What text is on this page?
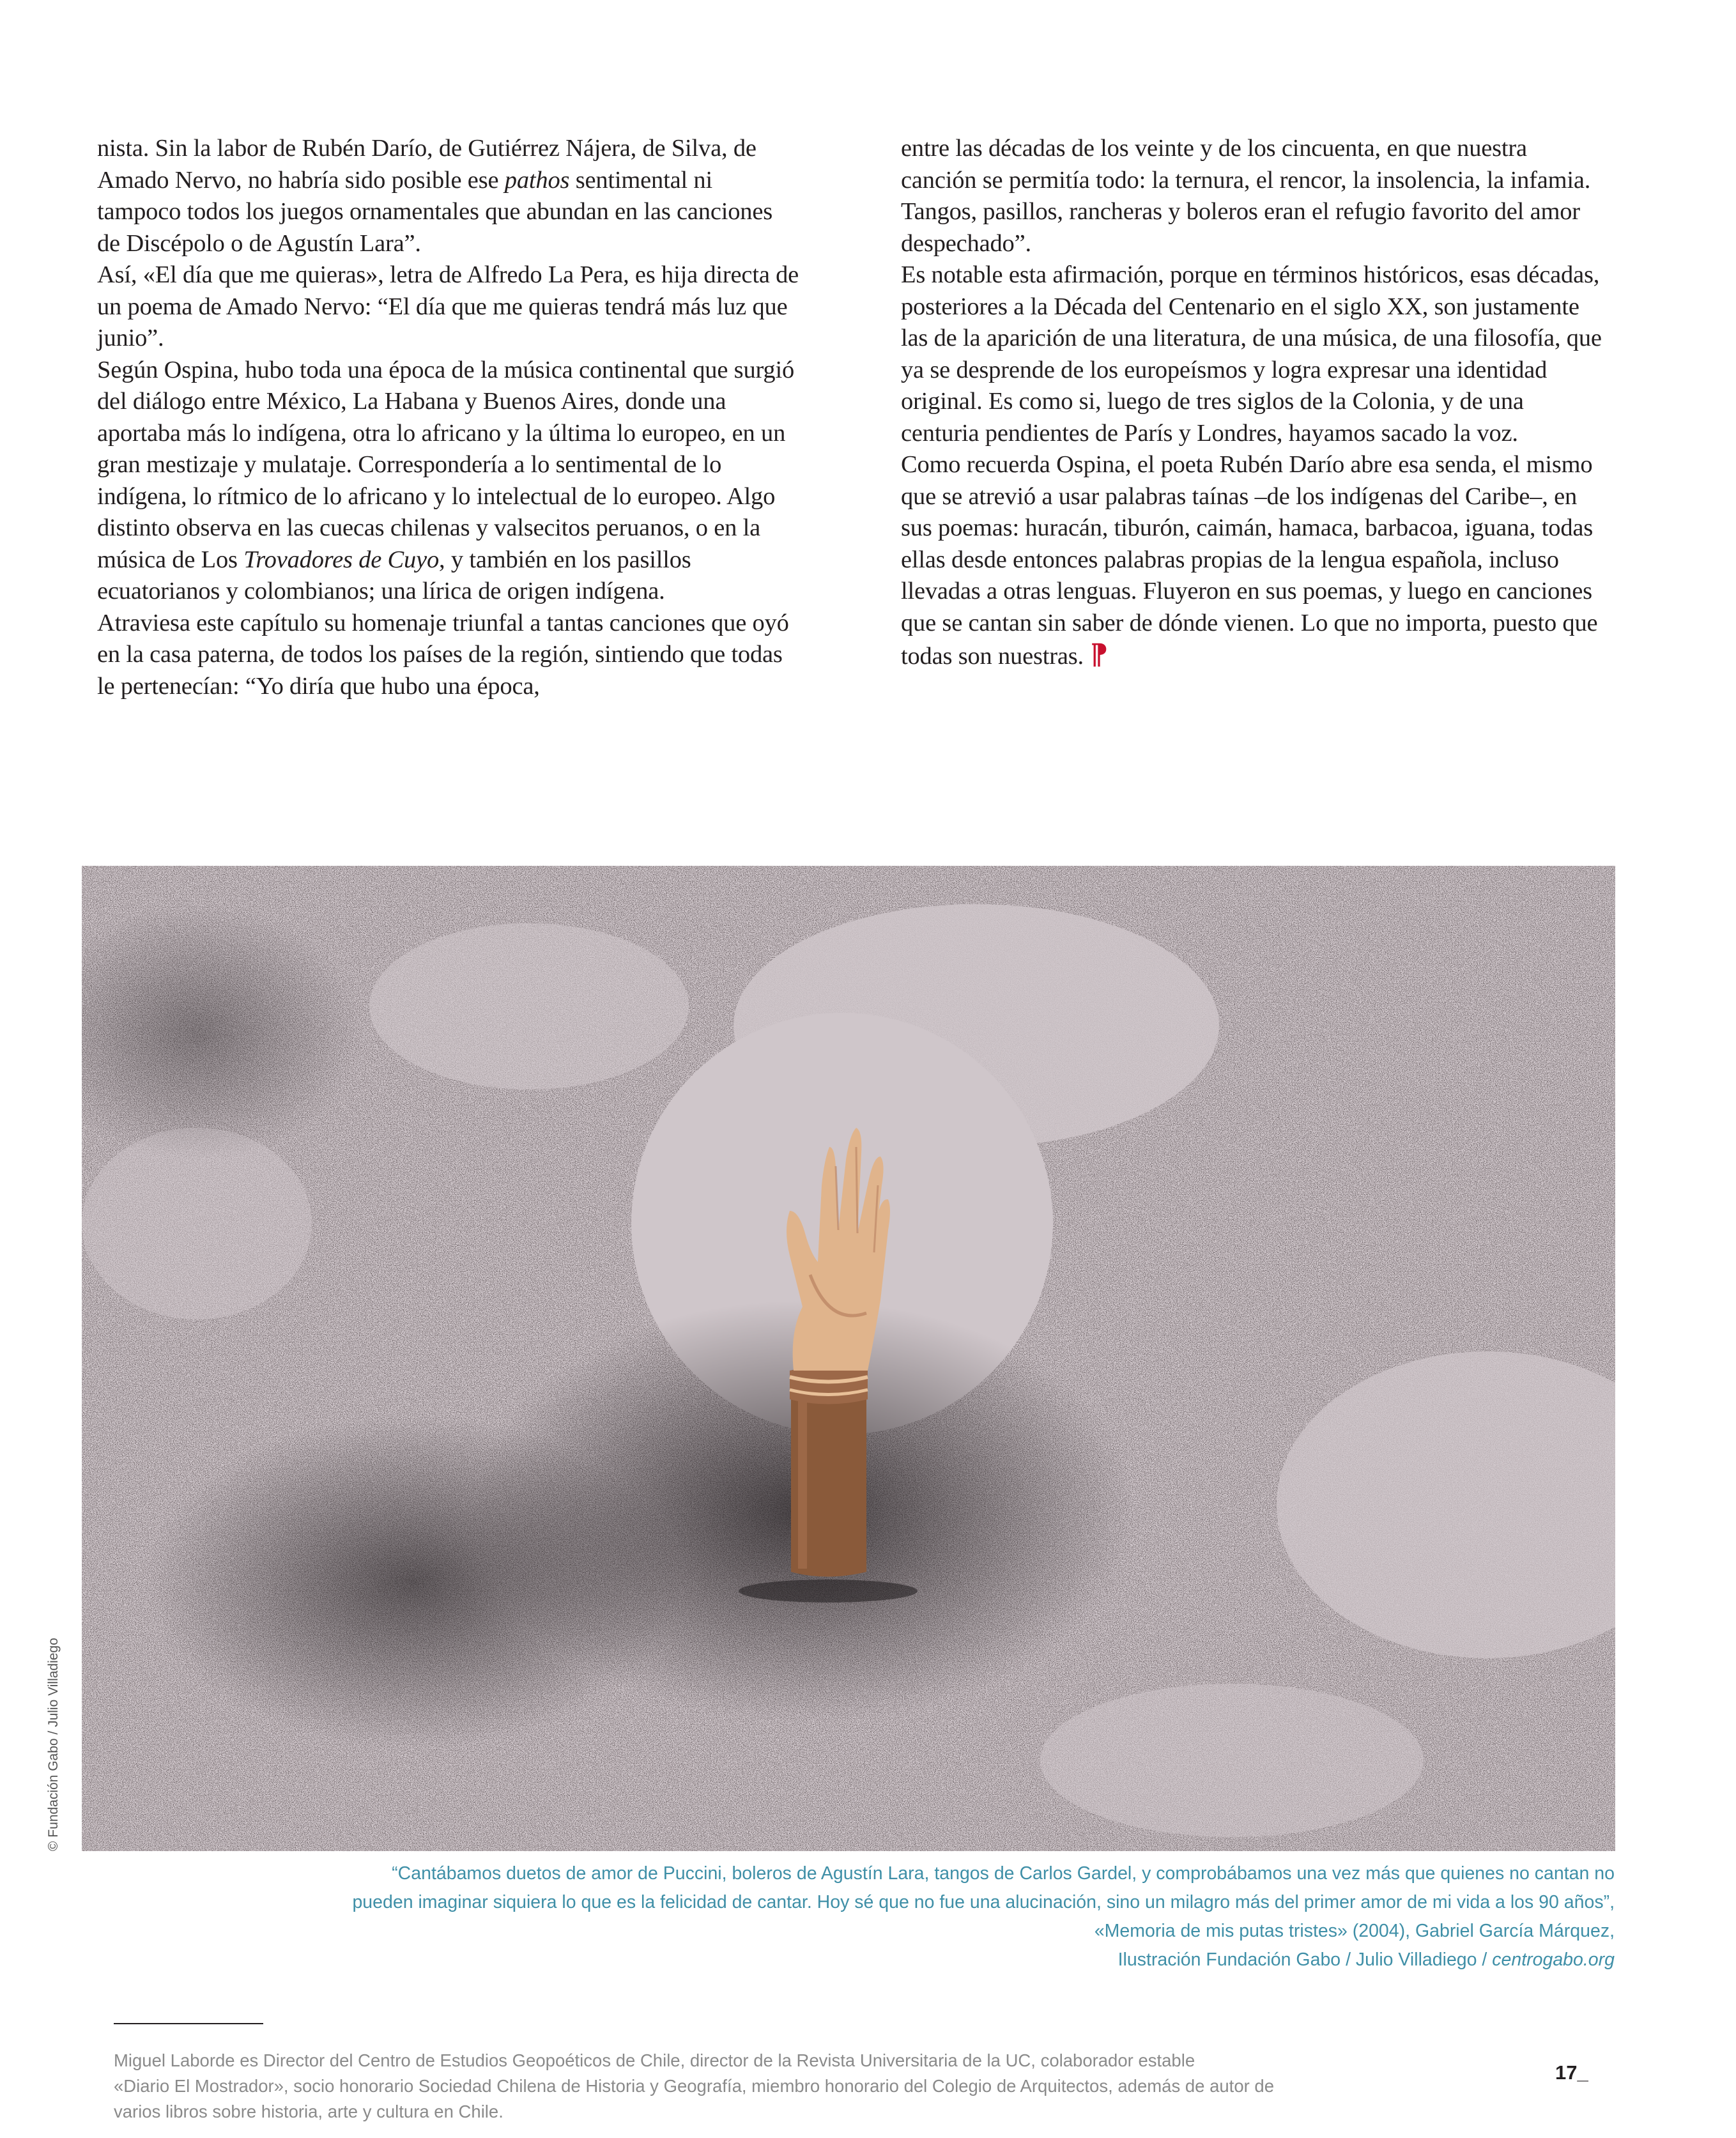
nista. Sin la labor de Rubén Darío, de Gutiérrez Nájera, de Silva, de Amado Nervo, no habría sido posible ese pathos sentimental ni tampoco todos los juegos ornamentales que abundan en las canciones de Discépolo o de Agustín Lara”.

Así, «El día que me quieras», letra de Alfredo La Pera, es hija directa de un poema de Amado Nervo: “El día que me quieras tendrá más luz que junio”.

Según Ospina, hubo toda una época de la música continental que surgió del diálogo entre México, La Habana y Buenos Aires, donde una aportaba más lo indígena, otra lo africano y la última lo europeo, en un gran mestizaje y mulataje. Correspondería a lo sentimental de lo indígena, lo rítmico de lo africano y lo intelectual de lo europeo. Algo distinto observa en las cuecas chilenas y valsecitos peruanos, o en la música de Los Trovadores de Cuyo, y también en los pasillos ecuatorianos y colombianos; una lírica de origen indígena.

Atraviesa este capítulo su homenaje triunfal a tantas canciones que oyó en la casa paterna, de todos los países de la región, sintiendo que todas le pertenecían: “Yo diría que hubo una época,

entre las décadas de los veinte y de los cincuenta, en que nuestra canción se permitía todo: la ternura, el rencor, la insolencia, la infamia. Tangos, pasillos, rancheras y boleros eran el refugio favorito del amor despechado”.

Es notable esta afirmación, porque en términos históricos, esas décadas, posteriores a la Década del Centenario en el siglo XX, son justamente las de la aparición de una literatura, de una música, de una filosofía, que ya se desprende de los europeísmos y logra expresar una identidad original. Es como si, luego de tres siglos de la Colonia, y de una centuria pendientes de París y Londres, hayamos sacado la voz.

Como recuerda Ospina, el poeta Rubén Darío abre esa senda, el mismo que se atrevió a usar palabras taínas –de los indígenas del Caribe–, en sus poemas: huracán, tiburón, caimán, hamaca, barbacoa, iguana, todas ellas desde entonces palabras propias de la lengua española, incluso llevadas a otras lenguas. Fluyeron en sus poemas, y luego en canciones que se cantan sin saber de dónde vienen. Lo que no importa, puesto que todas son nuestras. ⁋

© Fundación Gabo / Julio Villadiego
“Cantábamos duetos de amor de Puccini, boleros de Agustín Lara, tangos de Carlos Gardel, y comprobábamos una vez más que quienes no cantan no
pueden imaginar siquiera lo que es la felicidad de cantar. Hoy sé que no fue una alucinación, sino un milagro más del primer amor de mi vida a los 90 años”,
«Memoria de mis putas tristes» (2004), Gabriel García Márquez,
Ilustración Fundación Gabo / Julio Villadiego / centrogabo.org
Miguel Laborde es Director del Centro de Estudios Geopoéticos de Chile, director de la Revista Universitaria de la UC, colaborador estable
«Diario El Mostrador», socio honorario Sociedad Chilena de Historia y Geografía, miembro honorario del Colegio de Arquitectos, además de autor de
varios libros sobre historia, arte y cultura en Chile.
17_
